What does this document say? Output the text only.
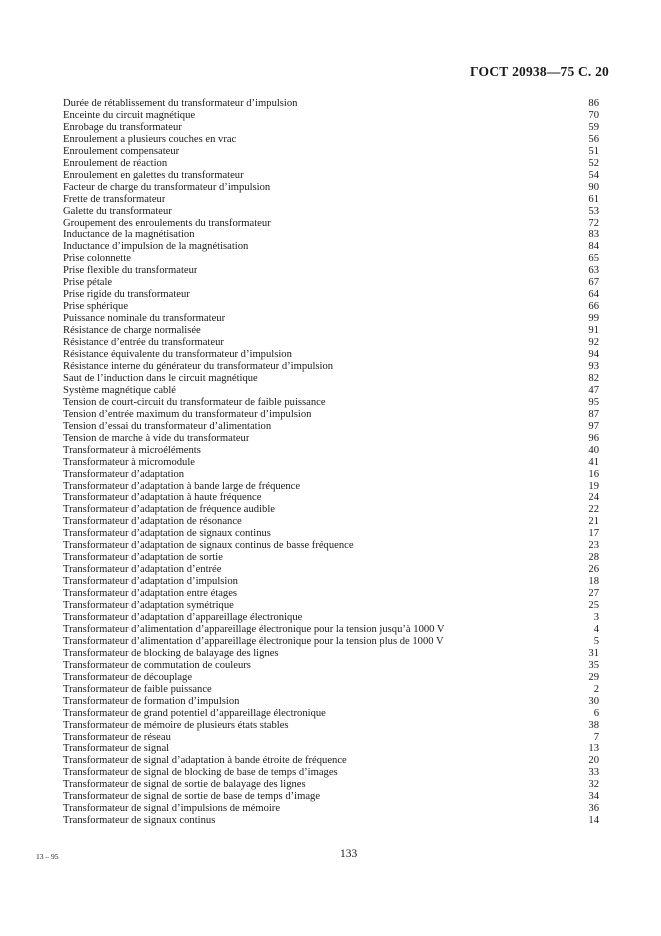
ГОСТ 20938—75 С. 20
Durée de rétablissement du transformateur d’impulsion	86
Enceinte du circuit magnétique	70
Enrobage du transformateur	59
Enroulement a plusieurs couches en vrac	56
Enroulement compensateur	51
Enroulement de réaction	52
Enroulement en galettes du transformateur	54
Facteur de charge du transformateur d’impulsion	90
Frette de transformateur	61
Galette du transformateur	53
Groupement des enroulements du transformateur	72
Inductance de la magnétisation	83
Inductance d’impulsion de la magnétisation	84
Prise colonnette	65
Prise flexible du transformateur	63
Prise pétale	67
Prise rigide du transformateur	64
Prise sphérique	66
Puissance nominale du transformateur	99
Résistance de charge normalisée	91
Résistance d’entrée du transformateur	92
Résistance équivalente du transformateur d’impulsion	94
Résistance interne du générateur du transformateur d’impulsion	93
Saut de l’induction dans le circuit magnétique	82
Système magnétique cablé	47
Tension de court-circuit du transformateur de faible puissance	95
Tension d’entrée maximum du transformateur d’impulsion	87
Tension d’essai du transformateur d’alimentation	97
Tension de marche à vide du transformateur	96
Transformateur à microéléments	40
Transformateur à micromodule	41
Transformateur d’adaptation	16
Transformateur d’adaptation à bande large de fréquence	19
Transformateur d’adaptation à haute fréquence	24
Transformateur d’adaptation de fréquence audible	22
Transformateur d’adaptation de résonance	21
Transformateur d’adaptation de signaux continus	17
Transformateur d’adaptation de signaux continus de basse fréquence	23
Transformateur d’adaptation de sortie	28
Transformateur d’adaptation d’entrée	26
Transformateur d’adaptation d’impulsion	18
Transformateur d’adaptation entre étages	27
Transformateur d’adaptation symétrique	25
Transformateur d’adaptation d’appareillage électronique	3
Transformateur d’alimentation d’appareillage électronique pour la tension jusqu’à 1000 V	4
Transformateur d’alimentation d’appareillage électronique pour la tension plus de 1000 V	5
Transformateur de blocking de balayage des lignes	31
Transformateur de commutation de couleurs	35
Transformateur de découplage	29
Transformateur de faible puissance	2
Transformateur de formation d’impulsion	30
Transformateur de grand potentiel d’appareillage électronique	6
Transformateur de mémoire de plusieurs états stables	38
Transformateur de réseau	7
Transformateur de signal	13
Transformateur de signal d’adaptation à bande étroite de fréquence	20
Transformateur de signal de blocking de base de temps d’images	33
Transformateur de signal de sortie de balayage des lignes	32
Transformateur de signal de sortie de base de temps d’image	34
Transformateur de signal d’impulsions de mémoire	36
Transformateur de signaux continus	14
13 – 95	133
